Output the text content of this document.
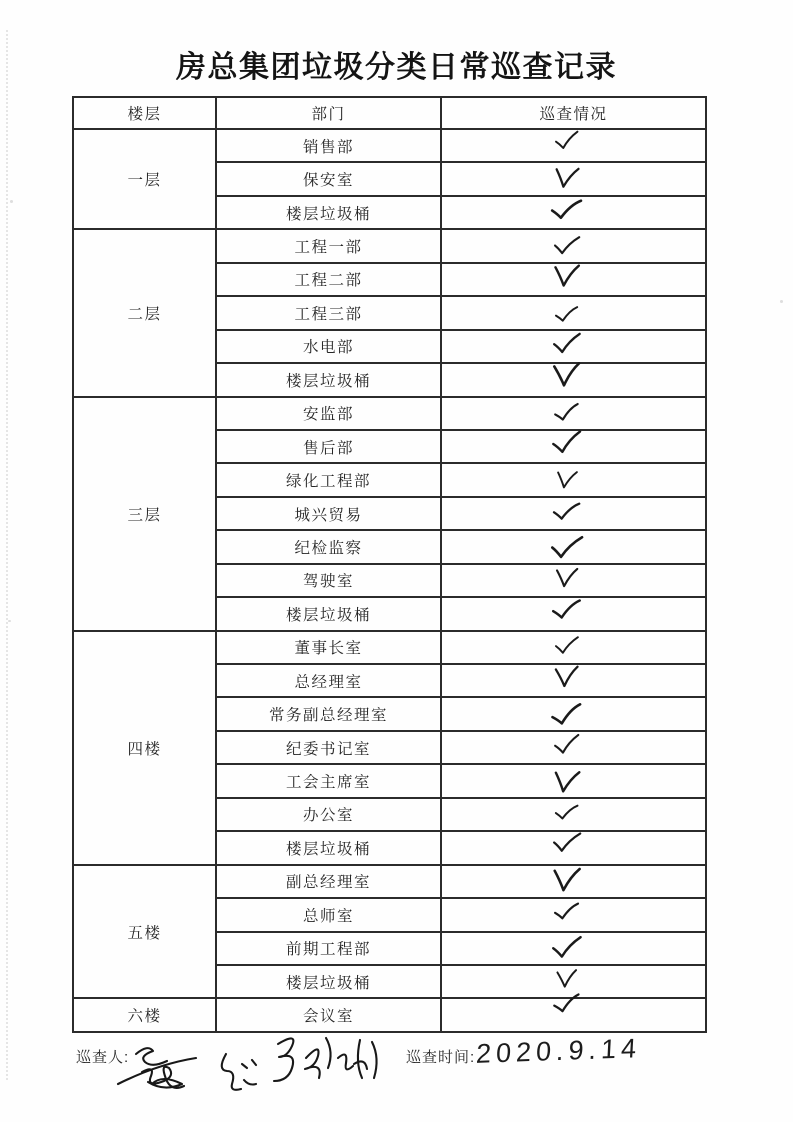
房总集团垃圾分类日常巡查记录
楼层	部门	巡查情况
一层	销售部	
	保安室	
	楼层垃圾桶	
二层	工程一部	
	工程二部	
	工程三部	
	水电部	
	楼层垃圾桶	
三层	安监部	
	售后部	
	绿化工程部	
	城兴贸易	
	纪检监察	
	驾驶室	
	楼层垃圾桶	
四楼	董事长室	
	总经理室	
	常务副总经理室	
	纪委书记室	
	工会主席室	
	办公室	
	楼层垃圾桶	
五楼	副总经理室	
	总师室	
	前期工程部	
	楼层垃圾桶	
六楼	会议室	
巡查人:	巡查时间: 2020.9.14
